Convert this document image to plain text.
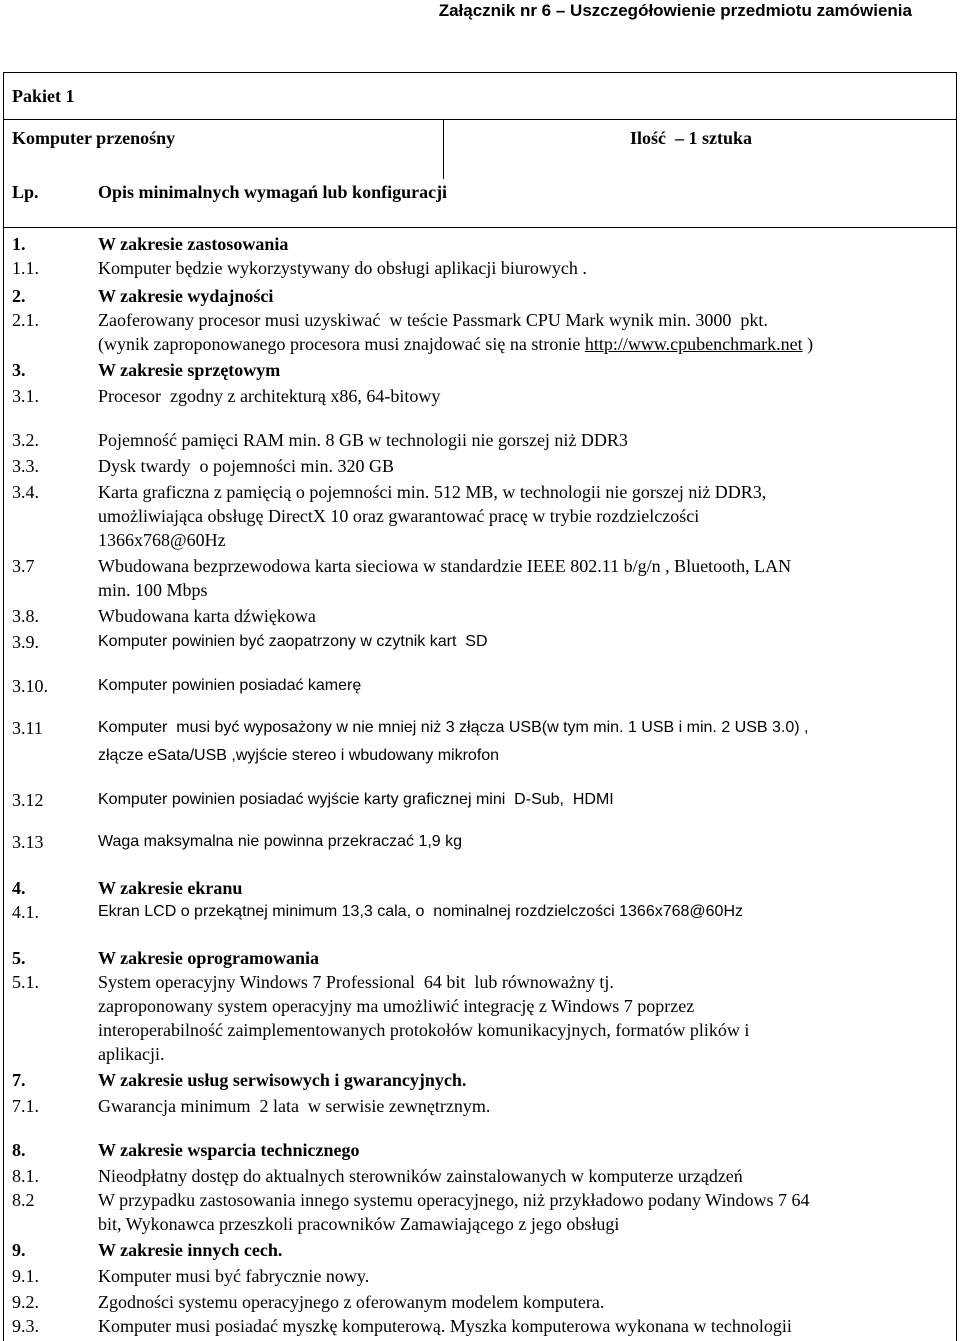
Załącznik nr 6 – Uszczegółowienie przedmiotu zamówienia
Pakiet 1
Komputer przenośny	Ilość  – 1 sztuka
Lp.	Opis minimalnych wymagań lub konfiguracji
1.	W zakresie zastosowania
1.1.	Komputer będzie wykorzystywany do obsługi aplikacji biurowych .
2.	W zakresie wydajności
2.1.	Zaoferowany procesor musi uzyskiwać  w teście Passmark CPU Mark wynik min. 3000  pkt.
(wynik zaproponowanego procesora musi znajdować się na stronie http://www.cpubenchmark.net )
3.	W zakresie sprzętowym
3.1.	Procesor  zgodny z architekturą x86, 64-bitowy
3.2.	Pojemność pamięci RAM min. 8 GB w technologii nie gorszej niż DDR3
3.3.	Dysk twardy  o pojemności min. 320 GB
3.4.	Karta graficzna z pamięcią o pojemności min. 512 MB, w technologii nie gorszej niż DDR3,
umożliwiająca obsługę DirectX 10 oraz gwarantować pracę w trybie rozdzielczości
1366x768@60Hz
3.7	Wbudowana bezprzewodowa karta sieciowa w standardzie IEEE 802.11 b/g/n , Bluetooth, LAN
min. 100 Mbps
3.8.	Wbudowana karta dźwiękowa
3.9.	Komputer powinien być zaopatrzony w czytnik kart  SD
3.10.	Komputer powinien posiadać kamerę
3.11	Komputer  musi być wyposażony w nie mniej niż 3 złącza USB(w tym min. 1 USB i min. 2 USB 3.0) ,
złącze eSata/USB ,wyjście stereo i wbudowany mikrofon
3.12	Komputer powinien posiadać wyjście karty graficznej mini  D-Sub,  HDMI
3.13	Waga maksymalna nie powinna przekraczać 1,9 kg
4.	W zakresie ekranu
4.1.	Ekran LCD o przekątnej minimum 13,3 cala, o  nominalnej rozdzielczości 1366x768@60Hz
5.	W zakresie oprogramowania
5.1.	System operacyjny Windows 7 Professional  64 bit  lub równoważny tj.
zaproponowany system operacyjny ma umożliwić integrację z Windows 7 poprzez
interoperabilność zaimplementowanych protokołów komunikacyjnych, formatów plików i
aplikacji.
7.	W zakresie usług serwisowych i gwarancyjnych.
7.1.	Gwarancja minimum  2 lata  w serwisie zewnętrznym.
8.	W zakresie wsparcia technicznego
8.1.	Nieodpłatny dostęp do aktualnych sterowników zainstalowanych w komputerze urządzeń
8.2	W przypadku zastosowania innego systemu operacyjnego, niż przykładowo podany Windows 7 64
bit, Wykonawca przeszkoli pracowników Zamawiającego z jego obsługi
9.	W zakresie innych cech.
9.1.	Komputer musi być fabrycznie nowy.
9.2.	Zgodności systemu operacyjnego z oferowanym modelem komputera.
9.3.	Komputer musi posiadać myszkę komputerową. Myszka komputerowa wykonana w technologii
